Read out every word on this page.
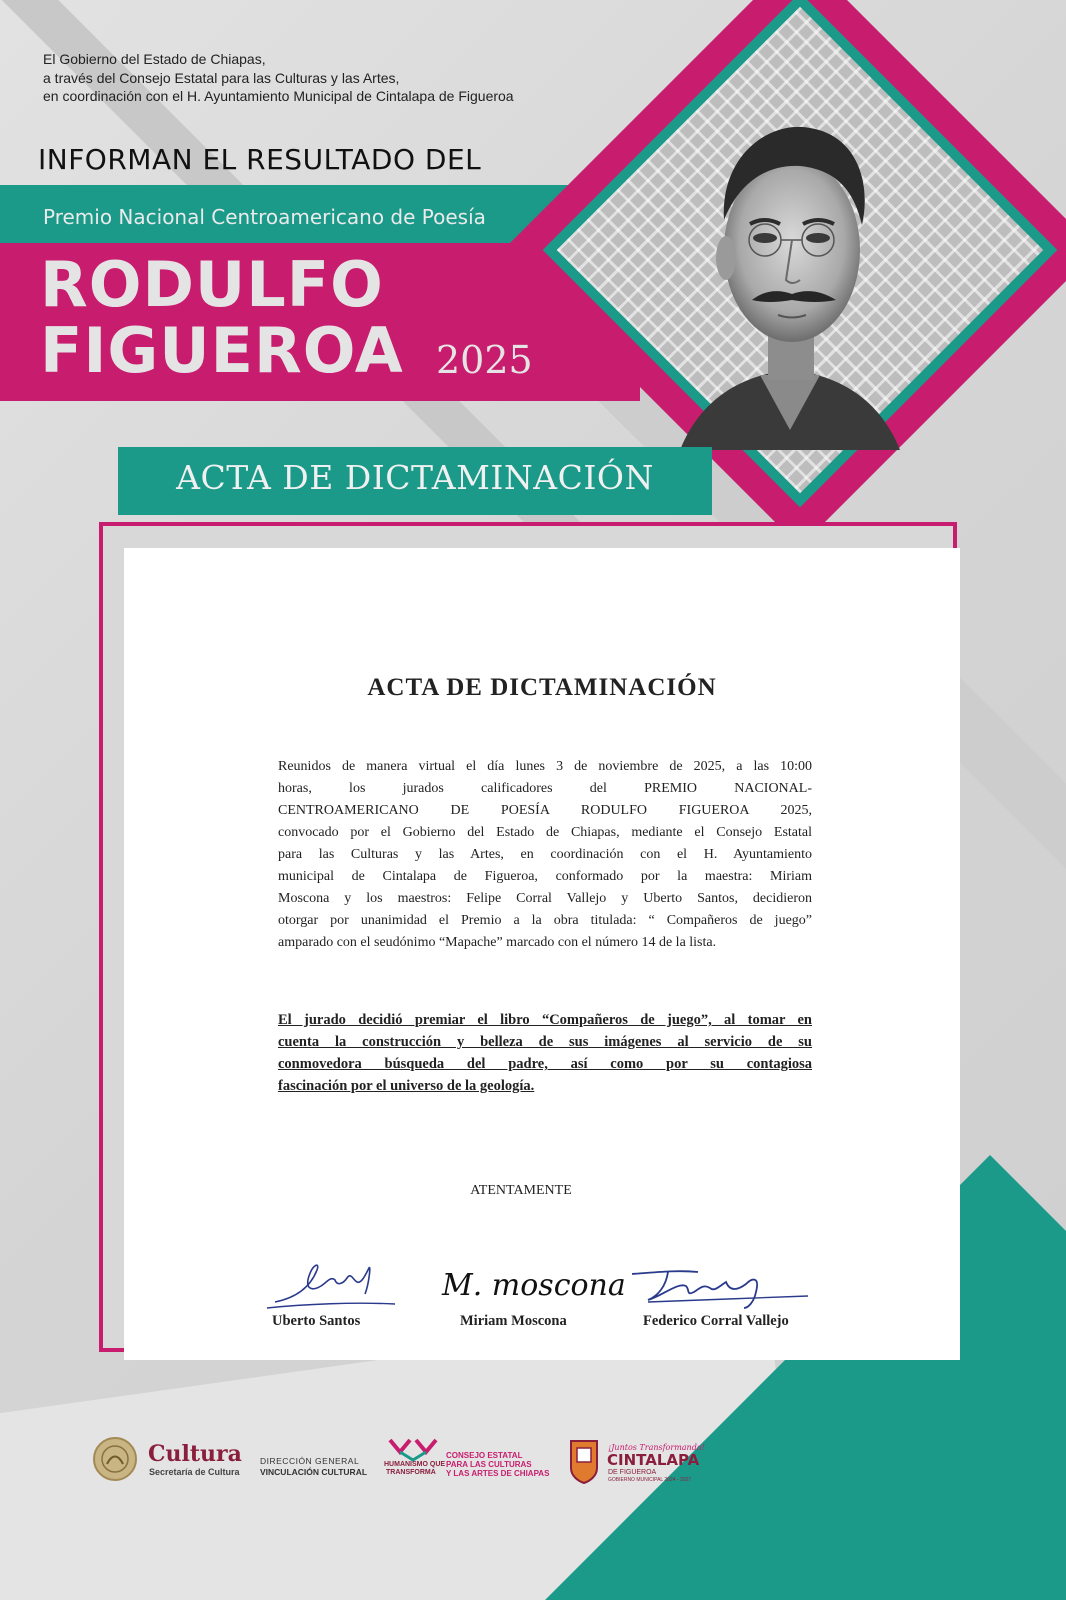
El Gobierno del Estado de Chiapas,
a través del Consejo Estatal para las Culturas y las Artes,
en coordinación con el H. Ayuntamiento Municipal de Cintalapa de Figueroa
INFORMAN EL RESULTADO DEL
Premio Nacional Centroamericano de Poesía
RODULFO
FIGUEROA 2025
ACTA DE DICTAMINACIÓN
ACTA DE DICTAMINACIÓN
Reunidos de manera virtual el día lunes 3 de noviembre de 2025, a las 10:00
horas, los jurados calificadores del PREMIO NACIONAL-
CENTROAMERICANO DE POESÍA RODULFO FIGUEROA 2025,
convocado por el Gobierno del Estado de Chiapas, mediante el Consejo Estatal
para las Culturas y las Artes, en coordinación con el H. Ayuntamiento
municipal de Cintalapa de Figueroa, conformado por la maestra: Miriam
Moscona y los maestros: Felipe Corral Vallejo y Uberto Santos, decidieron
otorgar por unanimidad el Premio a la obra titulada: “ Compañeros de juego”
amparado con el seudónimo “Mapache” marcado con el número 14 de la lista.
El jurado decidió premiar el libro “Compañeros de juego”, al tomar en
cuenta la construcción y belleza de sus imágenes al servicio de su
conmovedora búsqueda del padre, así como por su contagiosa
fascinación por el universo de la geología.
ATENTAMENTE
Uberto Santos
M. moscona
Miriam Moscona	Federico Corral Vallejo
Cultura
Secretaría de Cultura
DIRECCIÓN GENERAL
VINCULACIÓN CULTURAL
HUMANISMO QUE
TRANSFORMA
CONSEJO ESTATAL
PARA LAS CULTURAS
Y LAS ARTES DE CHIAPAS
¡Juntos Transformando!
CINTALAPA
DE FIGUEROA
GOBIERNO MUNICIPAL 2024 - 2027
